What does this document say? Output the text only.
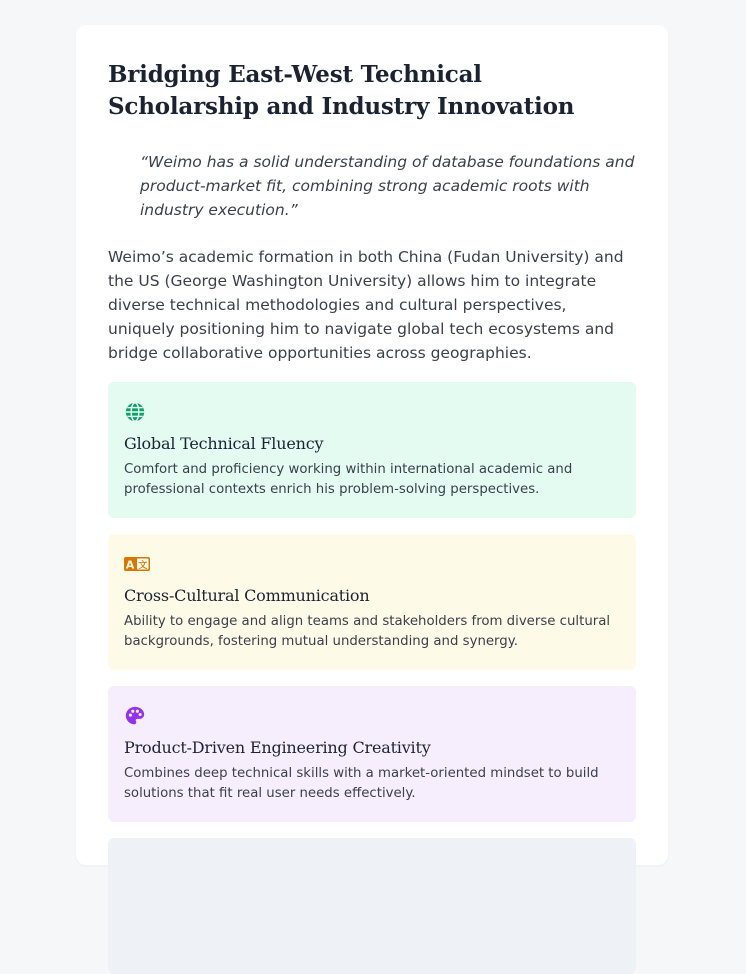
Bridging East-West Technical Scholarship and Industry Innovation
“Weimo has a solid understanding of database foundations and product-market fit, combining strong academic roots with industry execution.”

Weimo’s academic formation in both China (Fudan University) and the US (George Washington University) allows him to integrate diverse technical methodologies and cultural perspectives, uniquely positioning him to navigate global tech ecosystems and bridge collaborative opportunities across geographies.

Global Technical Fluency

Comfort and proficiency working within international academic and professional contexts enrich his problem-solving perspectives.

A 文
Cross-Cultural Communication

Ability to engage and align teams and stakeholders from diverse cultural backgrounds, fostering mutual understanding and synergy.

Product-Driven Engineering Creativity

Combines deep technical skills with a market-oriented mindset to build solutions that fit real user needs effectively.
